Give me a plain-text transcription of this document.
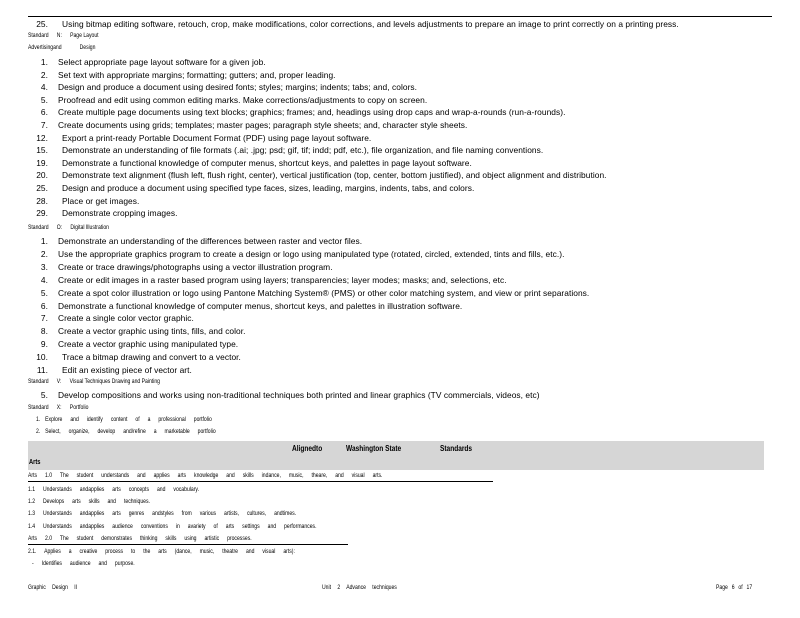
25. Using bitmap editing software, retouch, crop, make modifications, color corrections, and levels adjustments to prepare an image to print correctly on a printing press.
Standard N: Page Layout
Advertisingand	Design
1. Select appropriate page layout software for a given job.
2. Set text with appropriate margins; formatting; gutters; and, proper leading.
4. Design and produce a document using desired fonts; styles; margins; indents; tabs; and, colors.
5. Proofread and edit using common editing marks. Make corrections/adjustments to copy on screen.
6. Create multiple page documents using text blocks; graphics; frames; and, headings using drop caps and wrap-a-rounds (run-a-rounds).
7. Create documents using grids; templates; master pages; paragraph style sheets; and, character style sheets.
12. Export a print-ready Portable Document Format (PDF) using page layout software.
15. Demonstrate an understanding of file formats (.ai; .jpg; psd; gif, tif; indd; pdf, etc.), file organization, and file naming conventions.
19. Demonstrate a functional knowledge of computer menus, shortcut keys, and palettes in page layout software.
20. Demonstrate text alignment (flush left, flush right, center), vertical justification (top, center, bottom justified), and object alignment and distribution.
25. Design and produce a document using specified type faces, sizes, leading, margins, indents, tabs, and colors.
28. Place or get images.
29. Demonstrate cropping images.
Standard O: Digital Illustration
1. Demonstrate an understanding of the differences between raster and vector files.
2. Use the appropriate graphics program to create a design or logo using manipulated type (rotated, circled, extended, tints and fills, etc.).
3. Create or trace drawings/photographs using a vector illustration program.
4. Create or edit images in a raster based program using layers; transparencies; layer modes; masks; and, selections, etc.
5. Create a spot color illustration or logo using Pantone Matching System® (PMS) or other color matching system, and view or print separations.
6. Demonstrate a functional knowledge of computer menus, shortcut keys, and palettes in illustration software.
7. Create a single color vector graphic.
8. Create a vector graphic using tints, fills, and color.
9. Create a vector graphic using manipulated type.
10. Trace a bitmap drawing and convert to a vector.
11. Edit an existing piece of vector art.
Standard V: Visual Techniques Drawing and Painting
5. Develop compositions and works using non-traditional techniques both printed and linear graphics (TV commercials, videos, etc)
Standard X: Portfolio
1. Explore and identify content of a professional portfolio
2. Select, organize, develop and/refine a marketable portfolio
Alignedto	Washington State	Standards
Arts
Arts 1.0 The student understands and applies arts knowledge and skills indance, music, theare, and visual arts.
1.1 Understands andapplies arts concepts and vocabulary.
1.2 Develops arts skills and techniques.
1.3 Understands andapplies arts genres andstyles from various artists, cultures, andtimes.
1.4 Understands andapplies audience conventions in avariety of arts settings and performances.
Arts 2.0 The student demonstrates thinking skills using artistic processes.
2.1. Applies a creative process to the arts (dance, music, theatre and visual arts):
- Identifies audience and purpose.
Graphic Design II	Unit 2 Advance techniques	Page 6 of 17
